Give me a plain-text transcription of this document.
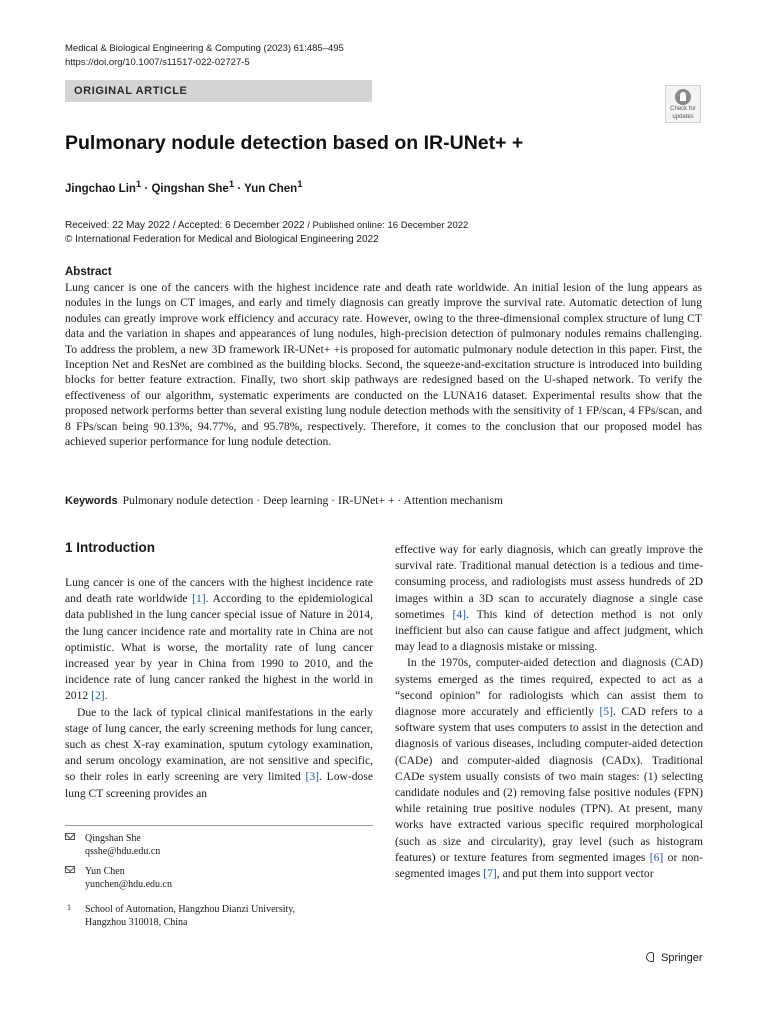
Medical & Biological Engineering & Computing (2023) 61:485–495
https://doi.org/10.1007/s11517-022-02727-5
ORIGINAL ARTICLE
Check for
updates
Pulmonary nodule detection based on IR-UNet+ +
Jingchao Lin$^1$ · Qingshan She$^1$ · Yun Chen$^1$
Received: 22 May 2022 / Accepted: 6 December 2022 / Published online: 16 December 2022
© International Federation for Medical and Biological Engineering 2022
Abstract

Lung cancer is one of the cancers with the highest incidence rate and death rate worldwide. An initial lesion of the lung appears as nodules in the lungs on CT images, and early and timely diagnosis can greatly improve the survival rate. Automatic detection of lung nodules can greatly improve work efficiency and accuracy rate. However, owing to the three-dimensional complex structure of lung CT data and the variation in shapes and appearances of lung nodules, high-precision detection of pulmonary nodules remains challenging. To address the problem, a new 3D framework IR-UNet+ +is proposed for automatic pulmonary nodule detection in this paper. First, the Inception Net and ResNet are combined as the building blocks. Second, the squeeze-and-excitation structure is introduced into building blocks for better feature extraction. Finally, two short skip pathways are redesigned based on the U-shaped network. To verify the effectiveness of our algorithm, systematic experiments are conducted on the LUNA16 dataset. Experimental results show that the proposed network performs better than several existing lung nodule detection methods with the sensitivity of 1 FP/scan, 4 FPs/scan, and 8 FPs/scan being 90.13%, 94.77%, and 95.78%, respectively. Therefore, it comes to the conclusion that our proposed model has achieved superior performance for lung nodule detection.

Keywords Pulmonary nodule detection · Deep learning · IR-UNet+ + · Attention mechanism
1 Introduction

Lung cancer is one of the cancers with the highest incidence rate and death rate worldwide [1]. According to the epidemiological data published in the lung cancer special issue of Nature in 2014, the lung cancer incidence rate and mortality rate in China are not optimistic. What is worse, the mortality rate of lung cancer increased year by year in China from 1990 to 2010, and the incidence rate of lung cancer ranked the highest in the world in 2012 [2].

Due to the lack of typical clinical manifestations in the early stage of lung cancer, the early screening methods for lung cancer, such as chest X-ray examination, sputum cytology examination, and serum oncology examination, are not sensitive and specific, so their roles in early screening are very limited [3]. Low-dose lung CT screening provides an

effective way for early diagnosis, which can greatly improve the survival rate. Traditional manual detection is a tedious and time-consuming process, and radiologists must assess hundreds of 2D images within a 3D scan to accurately diagnose a single case sometimes [4]. This kind of detection method is not only inefficient but also can cause fatigue and affect judgment, which may lead to a diagnosis mistake or missing.

In the 1970s, computer-aided detection and diagnosis (CAD) systems emerged as the times required, expected to act as a “second opinion” for radiologists which can assist them to diagnose more accurately and efficiently [5]. CAD refers to a software system that uses computers to assist in the detection and diagnosis of various diseases, including computer-aided detection (CADe) and computer-aided diagnosis (CADx). Traditional CADe system usually consists of two main stages: (1) selecting candidate nodules and (2) removing false positive nodules (FPN) while retaining true positive nodules (TPN). At present, many works have extracted various specific required morphological (such as size and circularity), gray level (such as histogram features) or texture features from segmented images [6] or non-segmented images [7], and put them into support vector

Qingshan She
qsshe@hdu.edu.cn
Yun Chen
yunchen@hdu.edu.cn
1 School of Automation, Hangzhou Dianzi University,
Hangzhou 310018, China
Springer
